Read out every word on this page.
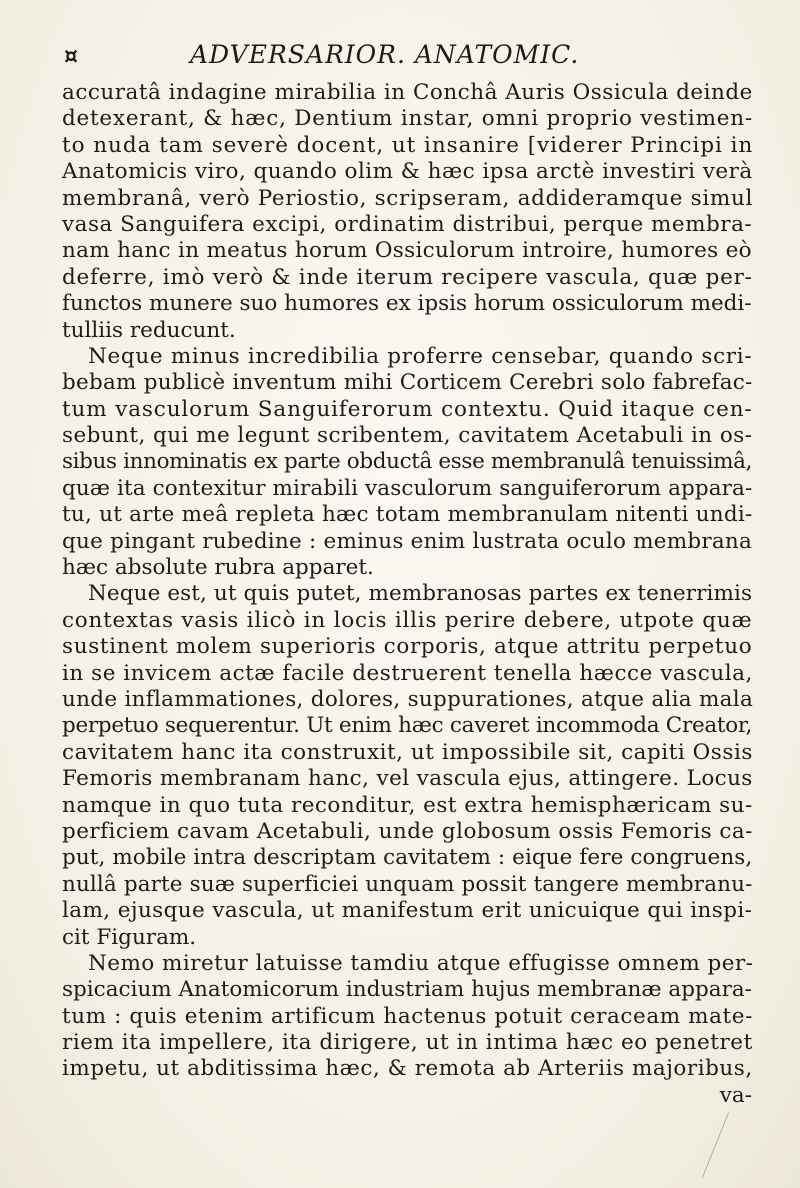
¤	ADVERSARIOR. ANATOMIC.
accuratâ indagine mirabilia in Conchâ Auris Ossicula deinde
detexerant, & hæc, Dentium instar, omni proprio vestimen-
to nuda tam severè docent, ut insanire [viderer Principi in
Anatomicis viro, quando olim & hæc ipsa arctè investiri verà
membranâ, verò Periostio, scripseram, addideramque simul
vasa Sanguifera excipi, ordinatim distribui, perque membra-
nam hanc in meatus horum Ossiculorum introire, humores eò
deferre, imò verò & inde iterum recipere vascula, quæ per-
functos munere suo humores ex ipsis horum ossiculorum medi-
tulliis reducunt.
Neque minus incredibilia proferre censebar, quando scri-
bebam publicè inventum mihi Corticem Cerebri solo fabrefac-
tum vasculorum Sanguiferorum contextu. Quid itaque cen-
sebunt, qui me legunt scribentem, cavitatem Acetabuli in os-
sibus innominatis ex parte obductâ esse membranulâ tenuissimâ,
quæ ita contexitur mirabili vasculorum sanguiferorum appara-
tu, ut arte meâ repleta hæc totam membranulam nitenti undi-
que pingant rubedine : eminus enim lustrata oculo membrana
hæc absolute rubra apparet.
Neque est, ut quis putet, membranosas partes ex tenerrimis
contextas vasis ilicò in locis illis perire debere, utpote quæ
sustinent molem superioris corporis, atque attritu perpetuo
in se invicem actæ facile destruerent tenella hæcce vascula,
unde inflammationes, dolores, suppurationes, atque alia mala
perpetuo sequerentur. Ut enim hæc caveret incommoda Creator,
cavitatem hanc ita construxit, ut impossibile sit, capiti Ossis
Femoris membranam hanc, vel vascula ejus, attingere. Locus
namque in quo tuta reconditur, est extra hemisphæricam su-
perficiem cavam Acetabuli, unde globosum ossis Femoris ca-
put, mobile intra descriptam cavitatem : eique fere congruens,
nullâ parte suæ superficiei unquam possit tangere membranu-
lam, ejusque vascula, ut manifestum erit unicuique qui inspi-
cit Figuram.
Nemo miretur latuisse tamdiu atque effugisse omnem per-
spicacium Anatomicorum industriam hujus membranæ appara-
tum : quis etenim artificum hactenus potuit ceraceam mate-
riem ita impellere, ita dirigere, ut in intima hæc eo penetret
impetu, ut abditissima hæc, & remota ab Arteriis majoribus,
va-
